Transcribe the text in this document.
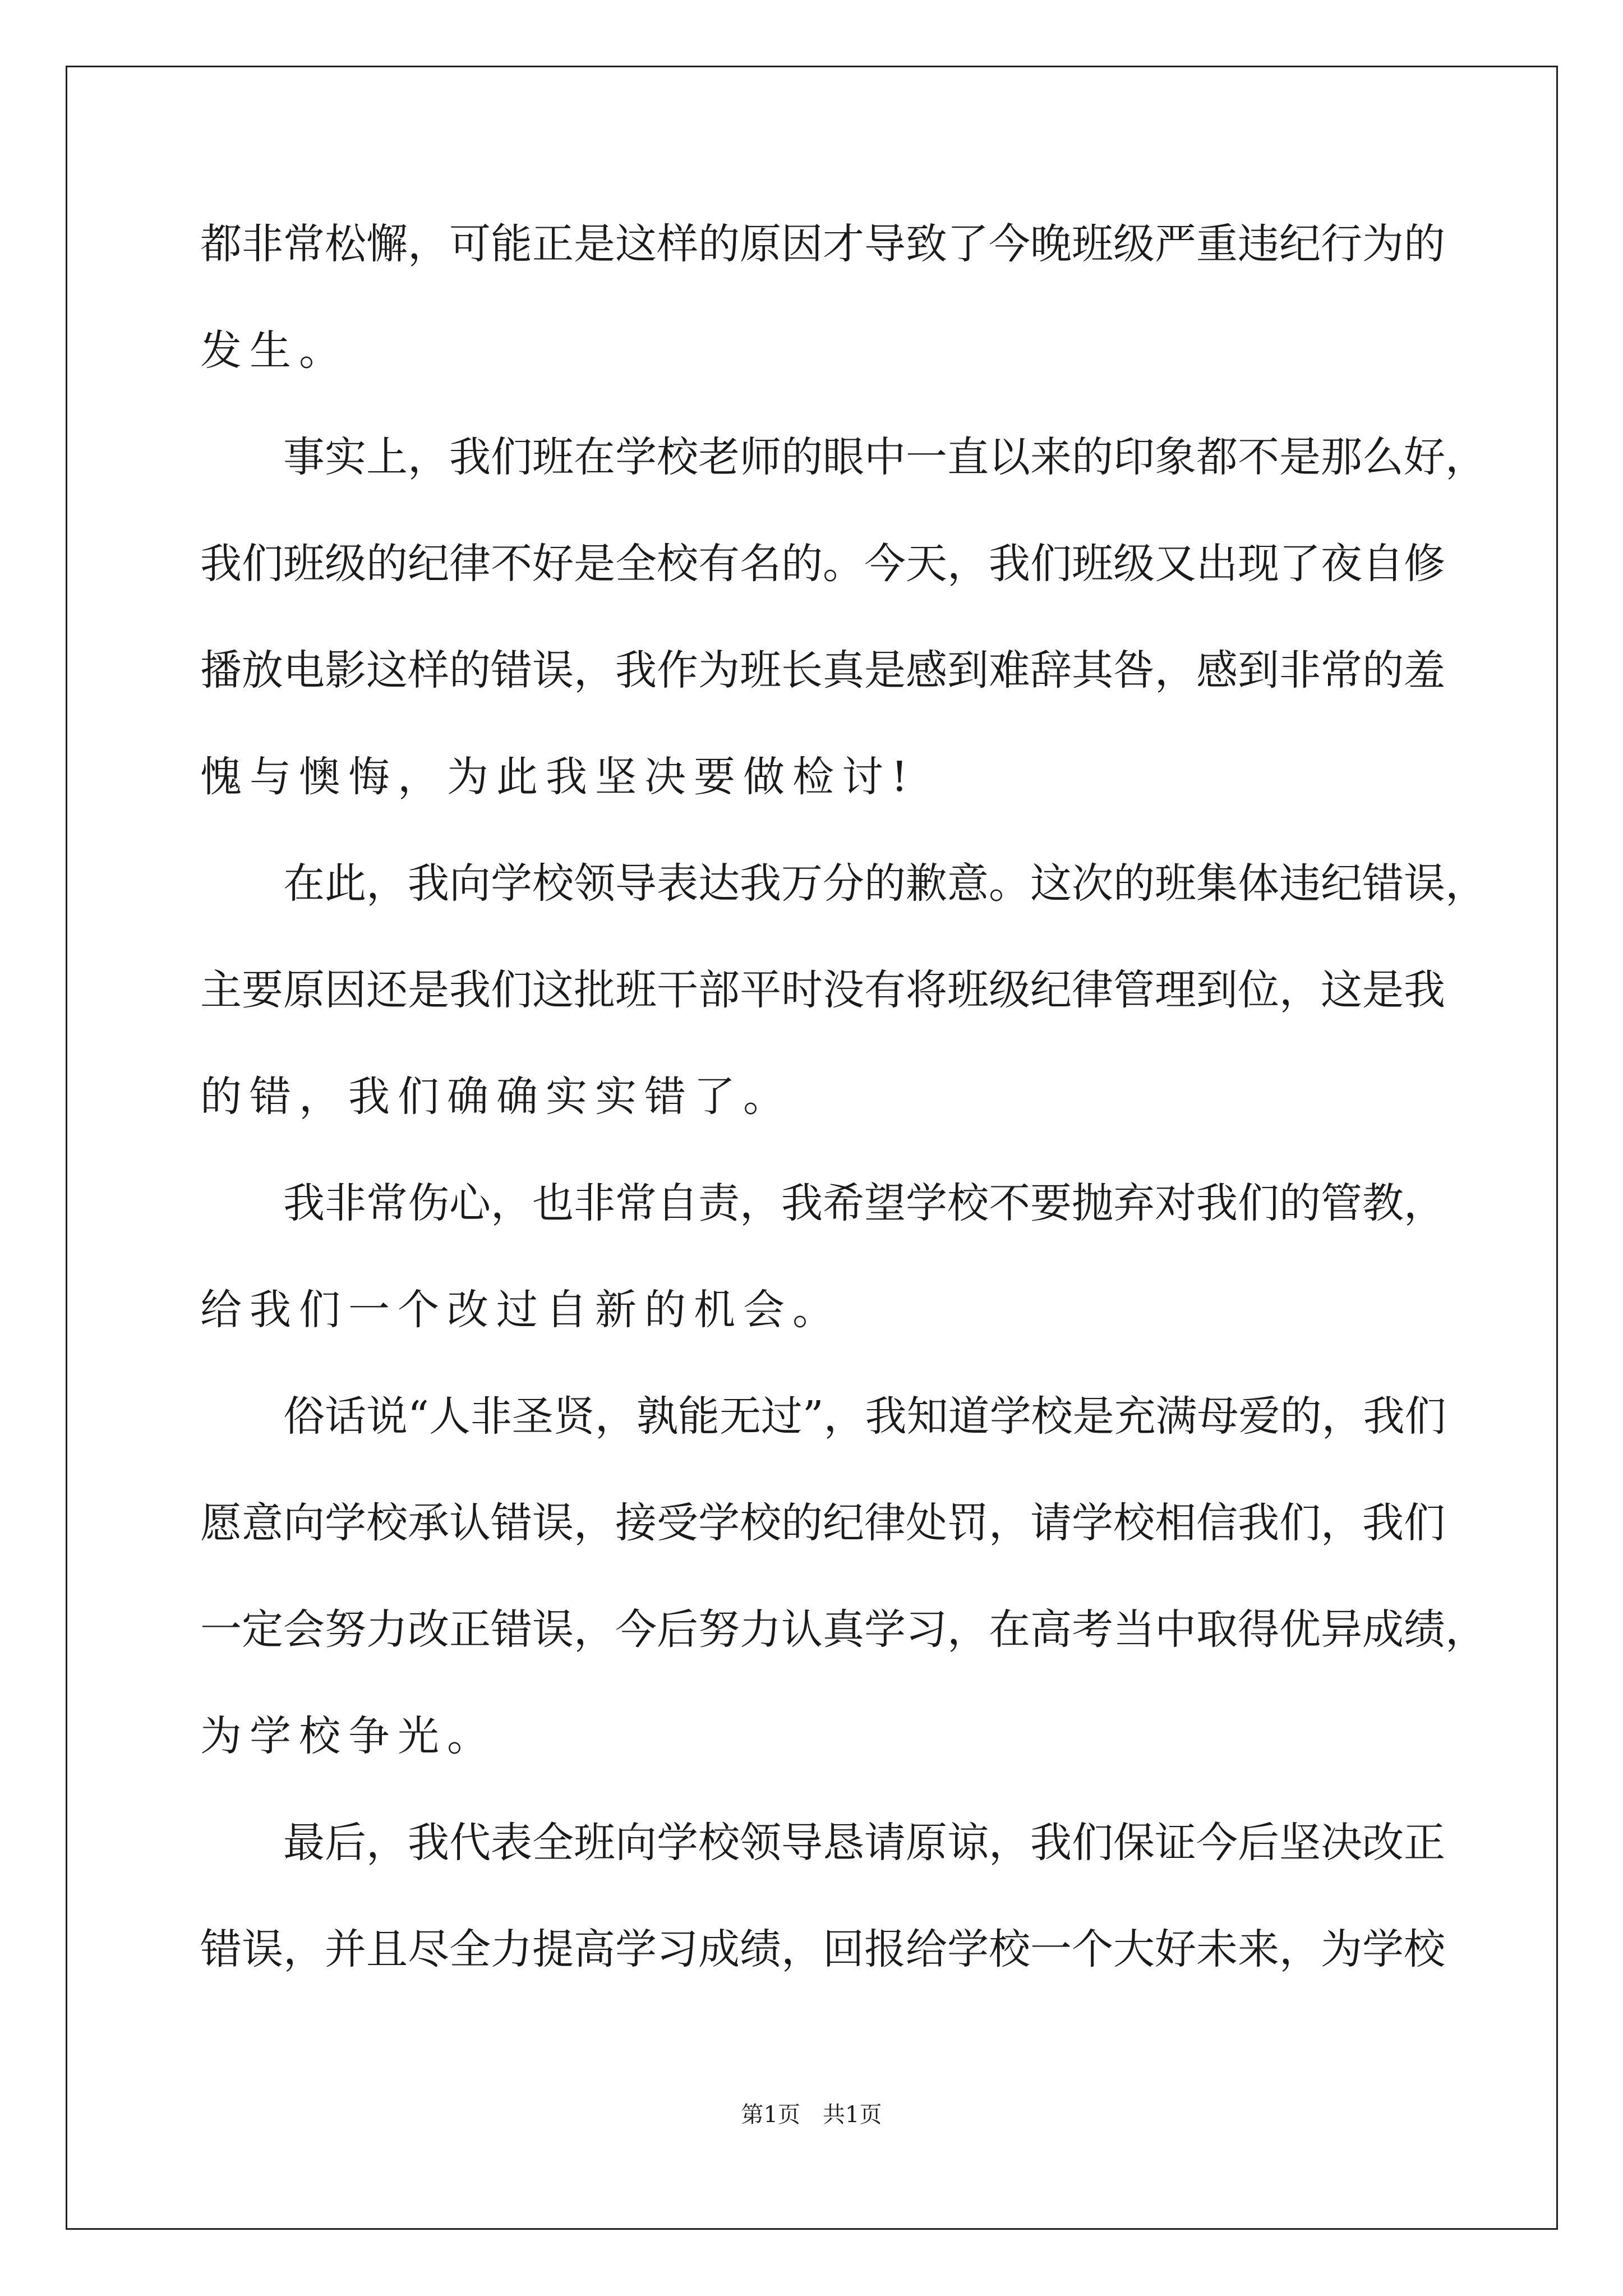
都非常松懈，可能正是这样的原因才导致了今晚班级严重违纪行为的
发生。
事实上，我们班在学校老师的眼中一直以来的印象都不是那么好，
我们班级的纪律不好是全校有名的。今天，我们班级又出现了夜自修
播放电影这样的错误，我作为班长真是感到难辞其咎，感到非常的羞
愧与懊悔，为此我坚决要做检讨!
在此，我向学校领导表达我万分的歉意。这次的班集体违纪错误，
主要原因还是我们这批班干部平时没有将班级纪律管理到位，这是我
的错，我们确确实实错了。
我非常伤心，也非常自责，我希望学校不要抛弃对我们的管教，
给我们一个改过自新的机会。
俗话说“人非圣贤，孰能无过”，我知道学校是充满母爱的，我们
愿意向学校承认错误，接受学校的纪律处罚，请学校相信我们，我们
一定会努力改正错误，今后努力认真学习，在高考当中取得优异成绩，
为学校争光。
最后，我代表全班向学校领导恳请原谅，我们保证今后坚决改正
错误，并且尽全力提高学习成绩，回报给学校一个大好未来，为学校
第1页　共1页
